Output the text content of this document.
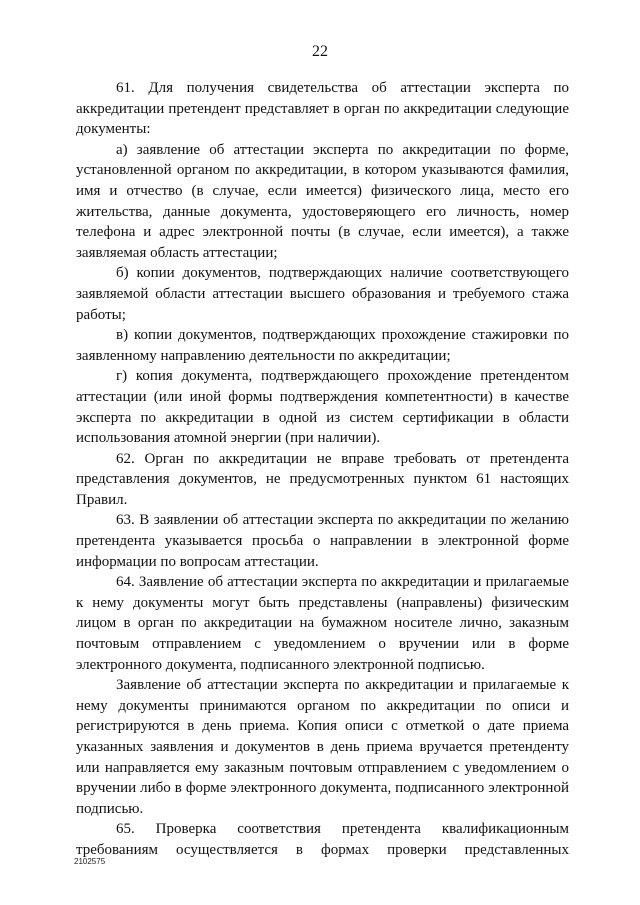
22

61. Для получения свидетельства об аттестации эксперта по аккредитации претендент представляет в орган по аккредитации следующие документы:

а) заявление об аттестации эксперта по аккредитации по форме, установленной органом по аккредитации, в котором указываются фамилия, имя и отчество (в случае, если имеется) физического лица, место его жительства, данные документа, удостоверяющего его личность, номер телефона и адрес электронной почты (в случае, если имеется), а также заявляемая область аттестации;

б) копии документов, подтверждающих наличие соответствующего заявляемой области аттестации высшего образования и требуемого стажа работы;

в) копии документов, подтверждающих прохождение стажировки по заявленному направлению деятельности по аккредитации;

г) копия документа, подтверждающего прохождение претендентом аттестации (или иной формы подтверждения компетентности) в качестве эксперта по аккредитации в одной из систем сертификации в области использования атомной энергии (при наличии).

62. Орган по аккредитации не вправе требовать от претендента представления документов, не предусмотренных пунктом 61 настоящих Правил.

63. В заявлении об аттестации эксперта по аккредитации по желанию претендента указывается просьба о направлении в электронной форме информации по вопросам аттестации.

64. Заявление об аттестации эксперта по аккредитации и прилагаемые к нему документы могут быть представлены (направлены) физическим лицом в орган по аккредитации на бумажном носителе лично, заказным почтовым отправлением с уведомлением о вручении или в форме электронного документа, подписанного электронной подписью.

Заявление об аттестации эксперта по аккредитации и прилагаемые к нему документы принимаются органом по аккредитации по описи и регистрируются в день приема. Копия описи с отметкой о дате приема указанных заявления и документов в день приема вручается претенденту или направляется ему заказным почтовым отправлением с уведомлением о вручении либо в форме электронного документа, подписанного электронной подписью.

65. Проверка соответствия претендента квалификационным требованиям осуществляется в формах проверки представленных

2102575
